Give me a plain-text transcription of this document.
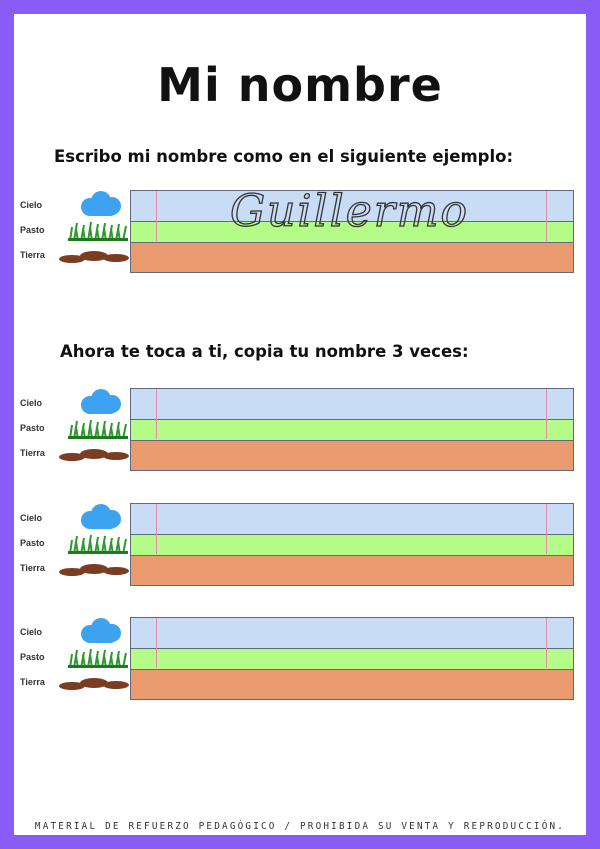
Mi nombre
Escribo mi nombre como en el siguiente ejemplo:
Cielo
Pasto
Tierra
Guillermo
Ahora te toca a ti, copia tu nombre 3 veces:
Cielo
Pasto
Tierra
Cielo
Pasto
Tierra
Cielo
Pasto
Tierra
MATERIAL DE REFUERZO PEDAGÓGICO / PROHIBIDA SU VENTA Y REPRODUCCIÓN.
